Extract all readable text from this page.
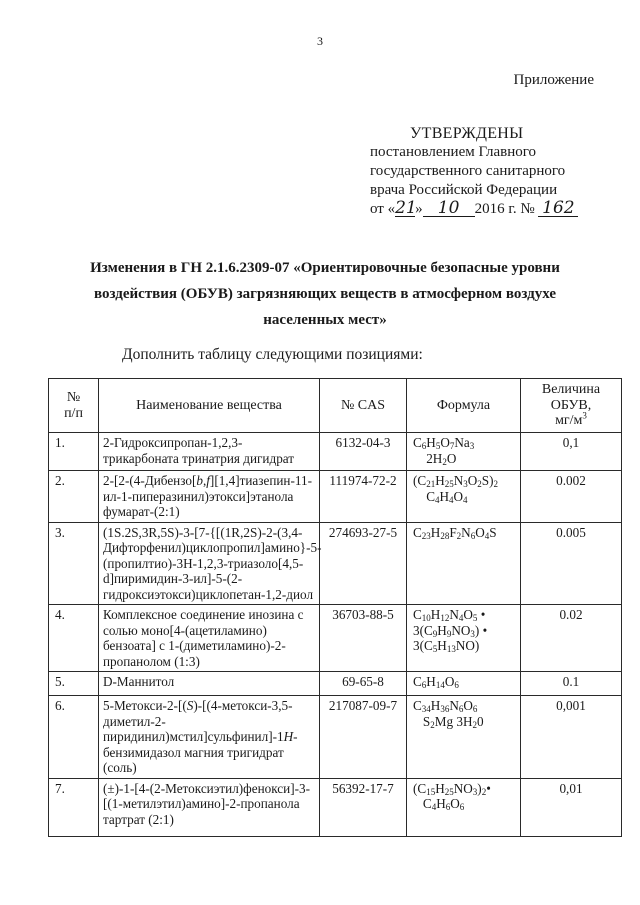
3
Приложение
УТВЕРЖДЕНЫ
постановлением Главного
государственного санитарного
врача Российской Федерации
от «21» 10 2016 г. № 162
Изменения в ГН 2.1.6.2309-07 «Ориентировочные безопасные уровни
воздействия (ОБУВ) загрязняющих веществ в атмосферном воздухе
населенных мест»
Дополнить таблицу следующими позициями:
№
п/п	Наименование вещества	№ CAS	Формула	Величина
ОБУВ,
$мг/м^3$
1.	2-Гидроксипропан-1,2,3-трикарбоната тринатрия дигидрат	6132-04-3	$C_6H_5O_7Na_3$
$2H_2O$	0,1
2.	2-[2-(4-Дибензо[b,f][1,4]тиазепин-11-ил-1-пиперазинил)этокси]этанола фумарат-(2:1)	111974-72-2	$(C_{21}H_{25}N_3O_2S)_2$
$C_4H_4O_4$	0.002
3.	(1S.2S,3R,5S)-3-[7-{[(1R,2S)-2-(3,4-Дифторфенил)циклопропил]амино}-5-(пропилтио)-3H-1,2,3-триазоло[4,5-d]пиримидин-3-ил]-5-(2-гидроксиэтокси)циклопетан-1,2-диол	274693-27-5	$C_{23}H_{28}F_2N_6O_4S$	0.005
4.	Комплексное соединение инозина с солью моно[4-(ацетиламино) бензоата] с 1-(диметиламино)-2-пропанолом (1:3)	36703-88-5	$C_{10}H_{12}N_4O_5$ •
$3(C_9H_9NO_3)$ •
$3(C_5H_{13}NO)$	0.02
5.	D-Маннитол	69-65-8	$C_6H_{14}O_6$	0.1
6.	5-Метокси-2-[(S)-[(4-метокси-3,5-диметил-2-пиридинил)мстил]сульфинил]-1H-бензимидазол магния тригидрат (соль)	217087-09-7	$C_{34}H_{36}N_6O_6$
$S_2Mg$ $3H_20$	0,001
7.	(±)-1-[4-(2-Метоксиэтил)фенокси]-3-[(1-метилэтил)амино]-2-пропанола тартрат (2:1)	56392-17-7	$(C_{15}H_{25}NO_3)_2•$
$C_4H_6O_6$	0,01
